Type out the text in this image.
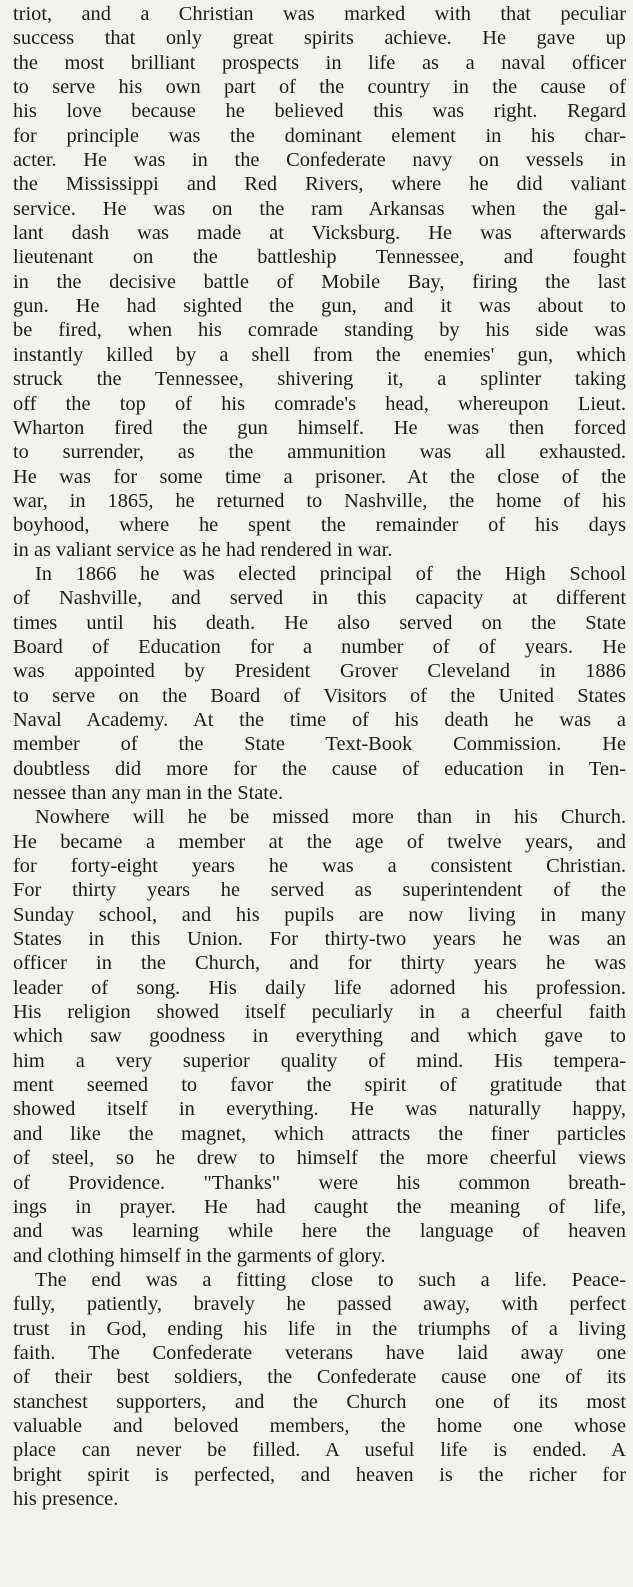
triot, and a Christian was marked with that peculiar
success that only great spirits achieve. He gave up
the most brilliant prospects in life as a naval officer
to serve his own part of the country in the cause of
his love because he believed this was right. Regard
for principle was the dominant element in his char-
acter. He was in the Confederate navy on vessels in
the Mississippi and Red Rivers, where he did valiant
service. He was on the ram Arkansas when the gal-
lant dash was made at Vicksburg. He was afterwards
lieutenant on the battleship Tennessee, and fought
in the decisive battle of Mobile Bay, firing the last
gun. He had sighted the gun, and it was about to
be fired, when his comrade standing by his side was
instantly killed by a shell from the enemies' gun, which
struck the Tennessee, shivering it, a splinter taking
off the top of his comrade's head, whereupon Lieut.
Wharton fired the gun himself. He was then forced
to surrender, as the ammunition was all exhausted.
He was for some time a prisoner. At the close of the
war, in 1865, he returned to Nashville, the home of his
boyhood, where he spent the remainder of his days
in as valiant service as he had rendered in war.

In 1866 he was elected principal of the High School
of Nashville, and served in this capacity at different
times until his death. He also served on the State
Board of Education for a number of of years. He
was appointed by President Grover Cleveland in 1886
to serve on the Board of Visitors of the United States
Naval Academy. At the time of his death he was a
member of the State Text-Book Commission. He
doubtless did more for the cause of education in Ten-
nessee than any man in the State.

Nowhere will he be missed more than in his Church.
He became a member at the age of twelve years, and
for forty-eight years he was a consistent Christian.
For thirty years he served as superintendent of the
Sunday school, and his pupils are now living in many
States in this Union. For thirty-two years he was an
officer in the Church, and for thirty years he was
leader of song. His daily life adorned his profession.
His religion showed itself peculiarly in a cheerful faith
which saw goodness in everything and which gave to
him a very superior quality of mind. His tempera-
ment seemed to favor the spirit of gratitude that
showed itself in everything. He was naturally happy,
and like the magnet, which attracts the finer particles
of steel, so he drew to himself the more cheerful views
of Providence. "Thanks" were his common breath-
ings in prayer. He had caught the meaning of life,
and was learning while here the language of heaven
and clothing himself in the garments of glory.

The end was a fitting close to such a life. Peace-
fully, patiently, bravely he passed away, with perfect
trust in God, ending his life in the triumphs of a living
faith. The Confederate veterans have laid away one
of their best soldiers, the Confederate cause one of its
stanchest supporters, and the Church one of its most
valuable and beloved members, the home one whose
place can never be filled. A useful life is ended. A
bright spirit is perfected, and heaven is the richer for
his presence.
